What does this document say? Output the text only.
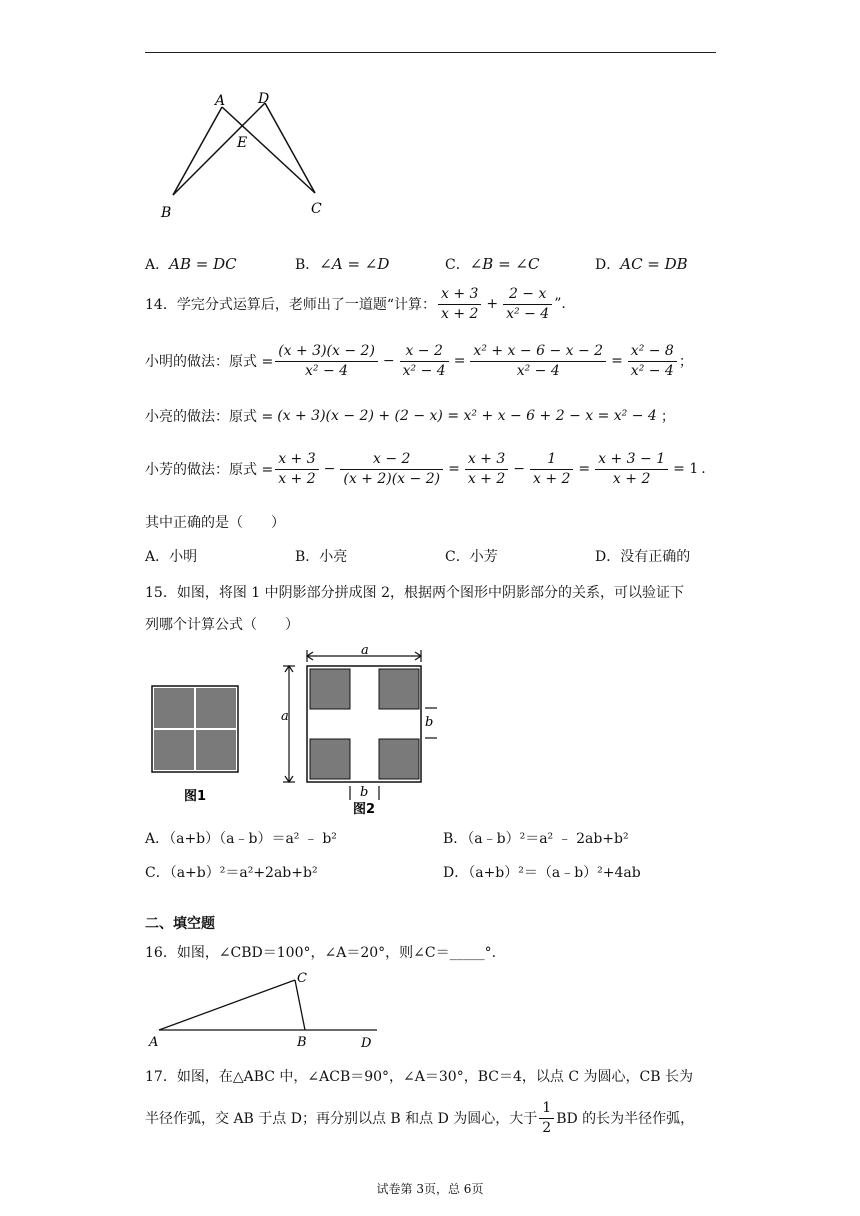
A D
E
B	C
A．AB = DC	B．∠A = ∠D	C．∠B = ∠C	D．AC = DB
14．学完分式运算后，老师出了一道题“计算： $\frac{x + 3}{x + 2} + \frac{2 - x}{\text{x² − 4}}$ ”.
小明的做法：原式 = $\frac{(x + 3)(x - 2)}{\text{x² − 4}} - \frac{x - 2}{\text{x² − 4}} = \frac{\text{x² + x − 6 − x − 2}}{\text{x² − 4}} = \frac{\text{x² − 8}}{\text{x² − 4}}$ ；
小亮的做法：原式 = (x + 3)(x − 2) + (2 − x) = x² + x − 6 + 2 − x = x² − 4 ；
小芳的做法：原式 = $\frac{x + 3}{x + 2} - \frac{x - 2}{(x + 2)(x - 2)} = \frac{x + 3}{x + 2} - \frac{1}{x + 2} = \frac{x + 3 - 1}{x + 2} = 1$ .
其中正确的是（　　）
A．小明	B．小亮	C．小芳	D．没有正确的
15．如图，将图 1 中阴影部分拼成图 2，根据两个图形中阴影部分的关系，可以验证下
列哪个计算公式（　　）
图1
a
a	b
b
图2
A．（a+b）（a﹣b）＝a² ﹣ b²	B．（a﹣b）²＝a² ﹣ 2ab+b²
C．（a+b）²＝a²+2ab+b²	D．（a+b）²＝（a﹣b）²+4ab
二、填空题
16．如图，∠CBD＝100°，∠A＝20°，则∠C＝_____°.
A	B
C
D
17．如图，在△ABC 中，∠ACB＝90°，∠A＝30°，BC＝4，以点 C 为圆心，CB 长为
半径作弧，交 AB 于点 D；再分别以点 B 和点 D 为圆心，大于 $\frac{1}{2}$ BD 的长为半径作弧，
试卷第 3页，总 6页
